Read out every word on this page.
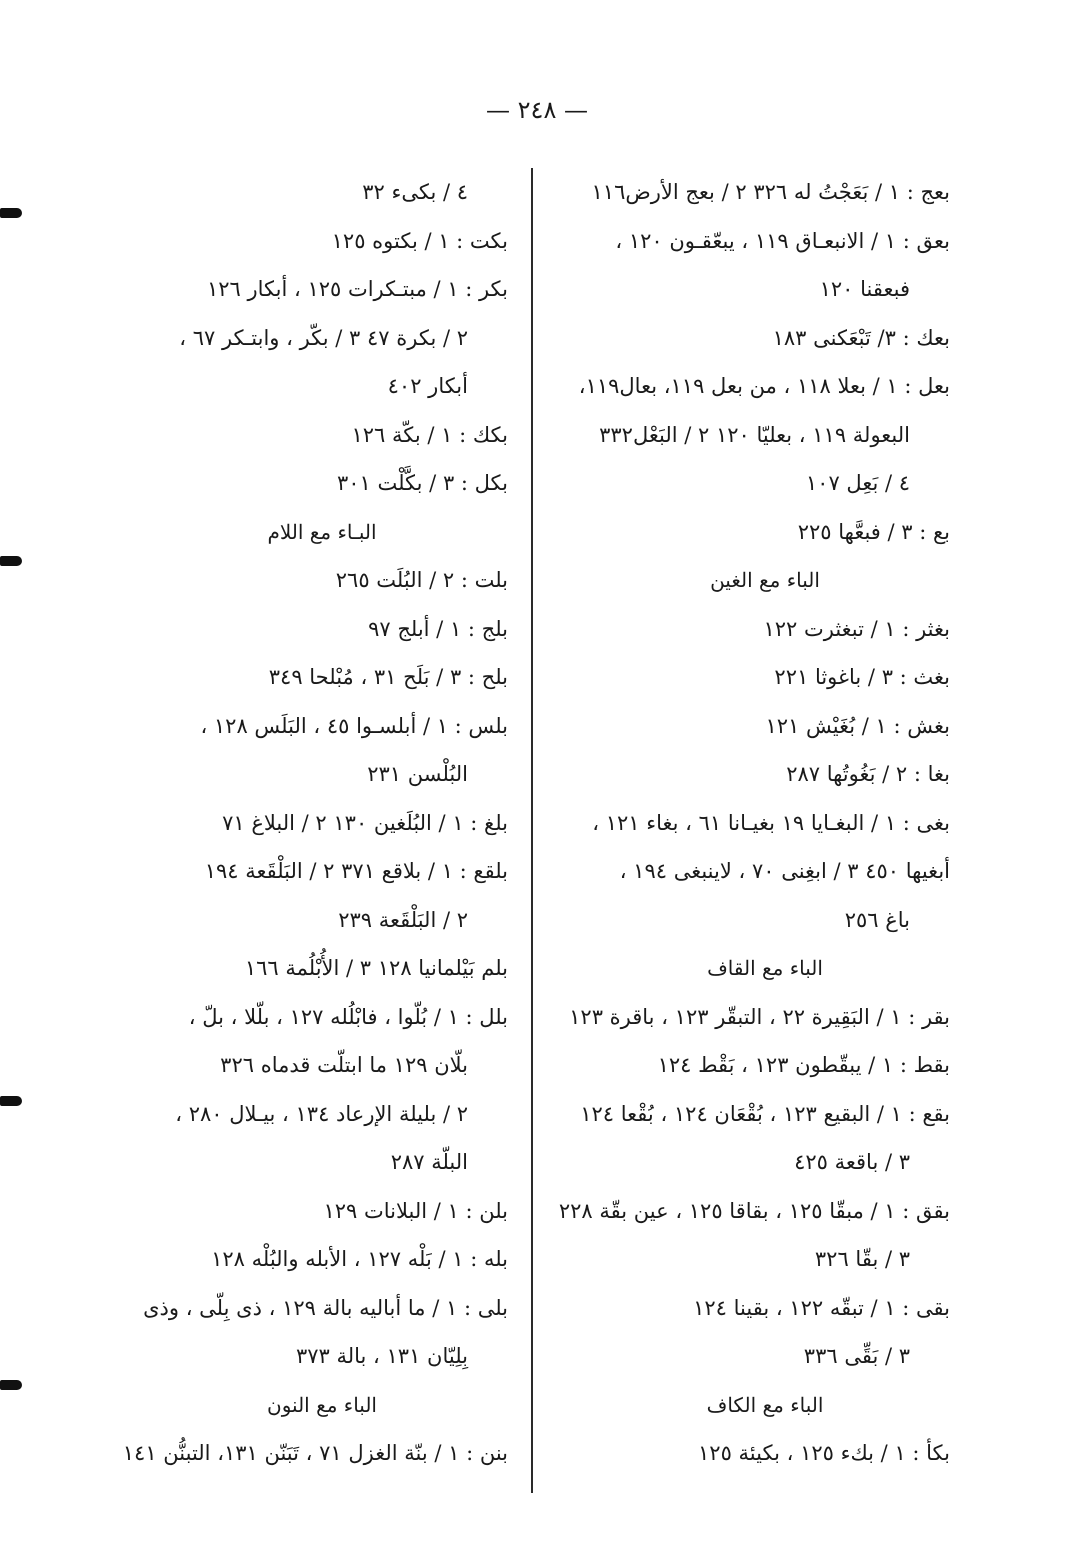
— ٢٤٨ —
بعج : ١ / بَعَجْتُ له ٣٢٦ ٢ / بعج الأرض١١٦
بعق : ١ / الانبعـاق ١١٩ ، يبعّقـون ١٢٠ ،
فبعقنا ١٢٠
بعك : ٣/ تَبْعَكنى ١٨٣
بعل : ١ / بعلا ١١٨ ، من بعل ١١٩، بعال١١٩،
البعولة ١١٩ ، بعليّا ١٢٠ ٢ / البَعْل٣٣٢
٤ / بَعِل ١٠٧
بع : ٣ / فبعَّها ٢٢٥
الباء مع الغين
بغثر : ١ / تبغثرت ١٢٢
بغث : ٣ / باغوثا ٢٢١
بغش : ١ / بُغَيْش ١٢١
بغا : ٢ / بَغُوتُها ٢٨٧
بغى : ١ / البغـايا ١٩ بغيـانا ٦١ ، بغاء ١٢١ ،
أبغيها ٤٥٠ ٣ / ابغِنى ٧٠ ، لاينبغى ١٩٤ ،
باغ ٢٥٦
الباء مع القاف
بقر : ١ / البَقِيرة ٢٢ ، التبقّر ١٢٣ ، باقرة ١٢٣
بقط : ١ / يبقّطون ١٢٣ ، بَقْط ١٢٤
بقع : ١ / البقيع ١٢٣ ، بُقْعَان ١٢٤ ، بُقْعا ١٢٤
٣ / باقعة ٤٢٥
بقق : ١ / مبقّا ١٢٥ ، بقاقا ١٢٥ ، عين بقّة ٢٢٨
٣ / بقّا ٣٢٦
بقى : ١ / تبقّه ١٢٢ ، بقينا ١٢٤
٣ / بَقِّى ٣٣٦
الباء مع الكاف
بكأ : ١ / بكء ١٢٥ ، بكيئة ١٢٥
٤ / بكىء ٣٢
بكت : ١ / بكتوه ١٢٥
بكر : ١ / مبتـكرات ١٢٥ ، أبكار ١٢٦
٢ / بكرة ٤٧ ٣ / بكّر ، وابتـكر ٦٧ ،
أبكار ٤٠٢
بكك : ١ / بكّة ١٢٦
بكل : ٣ / بكَّلْت ٣٠١
البـاء مع اللام
بلت : ٢ / البُلَت ٢٦٥
بلج : ١ / أبلج ٩٧
بلح : ٣ / بَلَح ٣١ ، مُبْلحا ٣٤٩
بلس : ١ / أبلسـوا ٤٥ ، البَلَس ١٢٨ ،
البُلْسن ٢٣١
بلغ : ١ / البُلَغين ١٣٠ ٢ / البلاغ ٧١
بلقع : ١ / بلاقع ٣٧١ ٢ / البَلْقَعة ١٩٤
٢ / البَلْقَعة ٢٣٩
بلم بَيْلمانيا ١٢٨ ٣ / الأُبْلُمة ١٦٦
بلل : ١ / بُلّوا ، فابْلُله ١٢٧ ، بلّلا ، بلّ ،
بلّان ١٢٩ ما ابتلّت قدماه ٣٢٦
٢ / بليلة الإرعاد ١٣٤ ، بيـلال ٢٨٠ ،
البلّة ٢٨٧
بلن : ١ / البلانات ١٢٩
بله : ١ / بَلْه ١٢٧ ، الأبله والبُلْه ١٢٨
بلى : ١ / ما أباليه بالة ١٢٩ ، ذى بِلّى ، وذى
بِلِيّان ١٣١ ، بالة ٣٧٣
الباء مع النون
بنن : ١ / بنّة الغزل ٧١ ، تَبَنّن ١٣١، التبنُّن ١٤١
